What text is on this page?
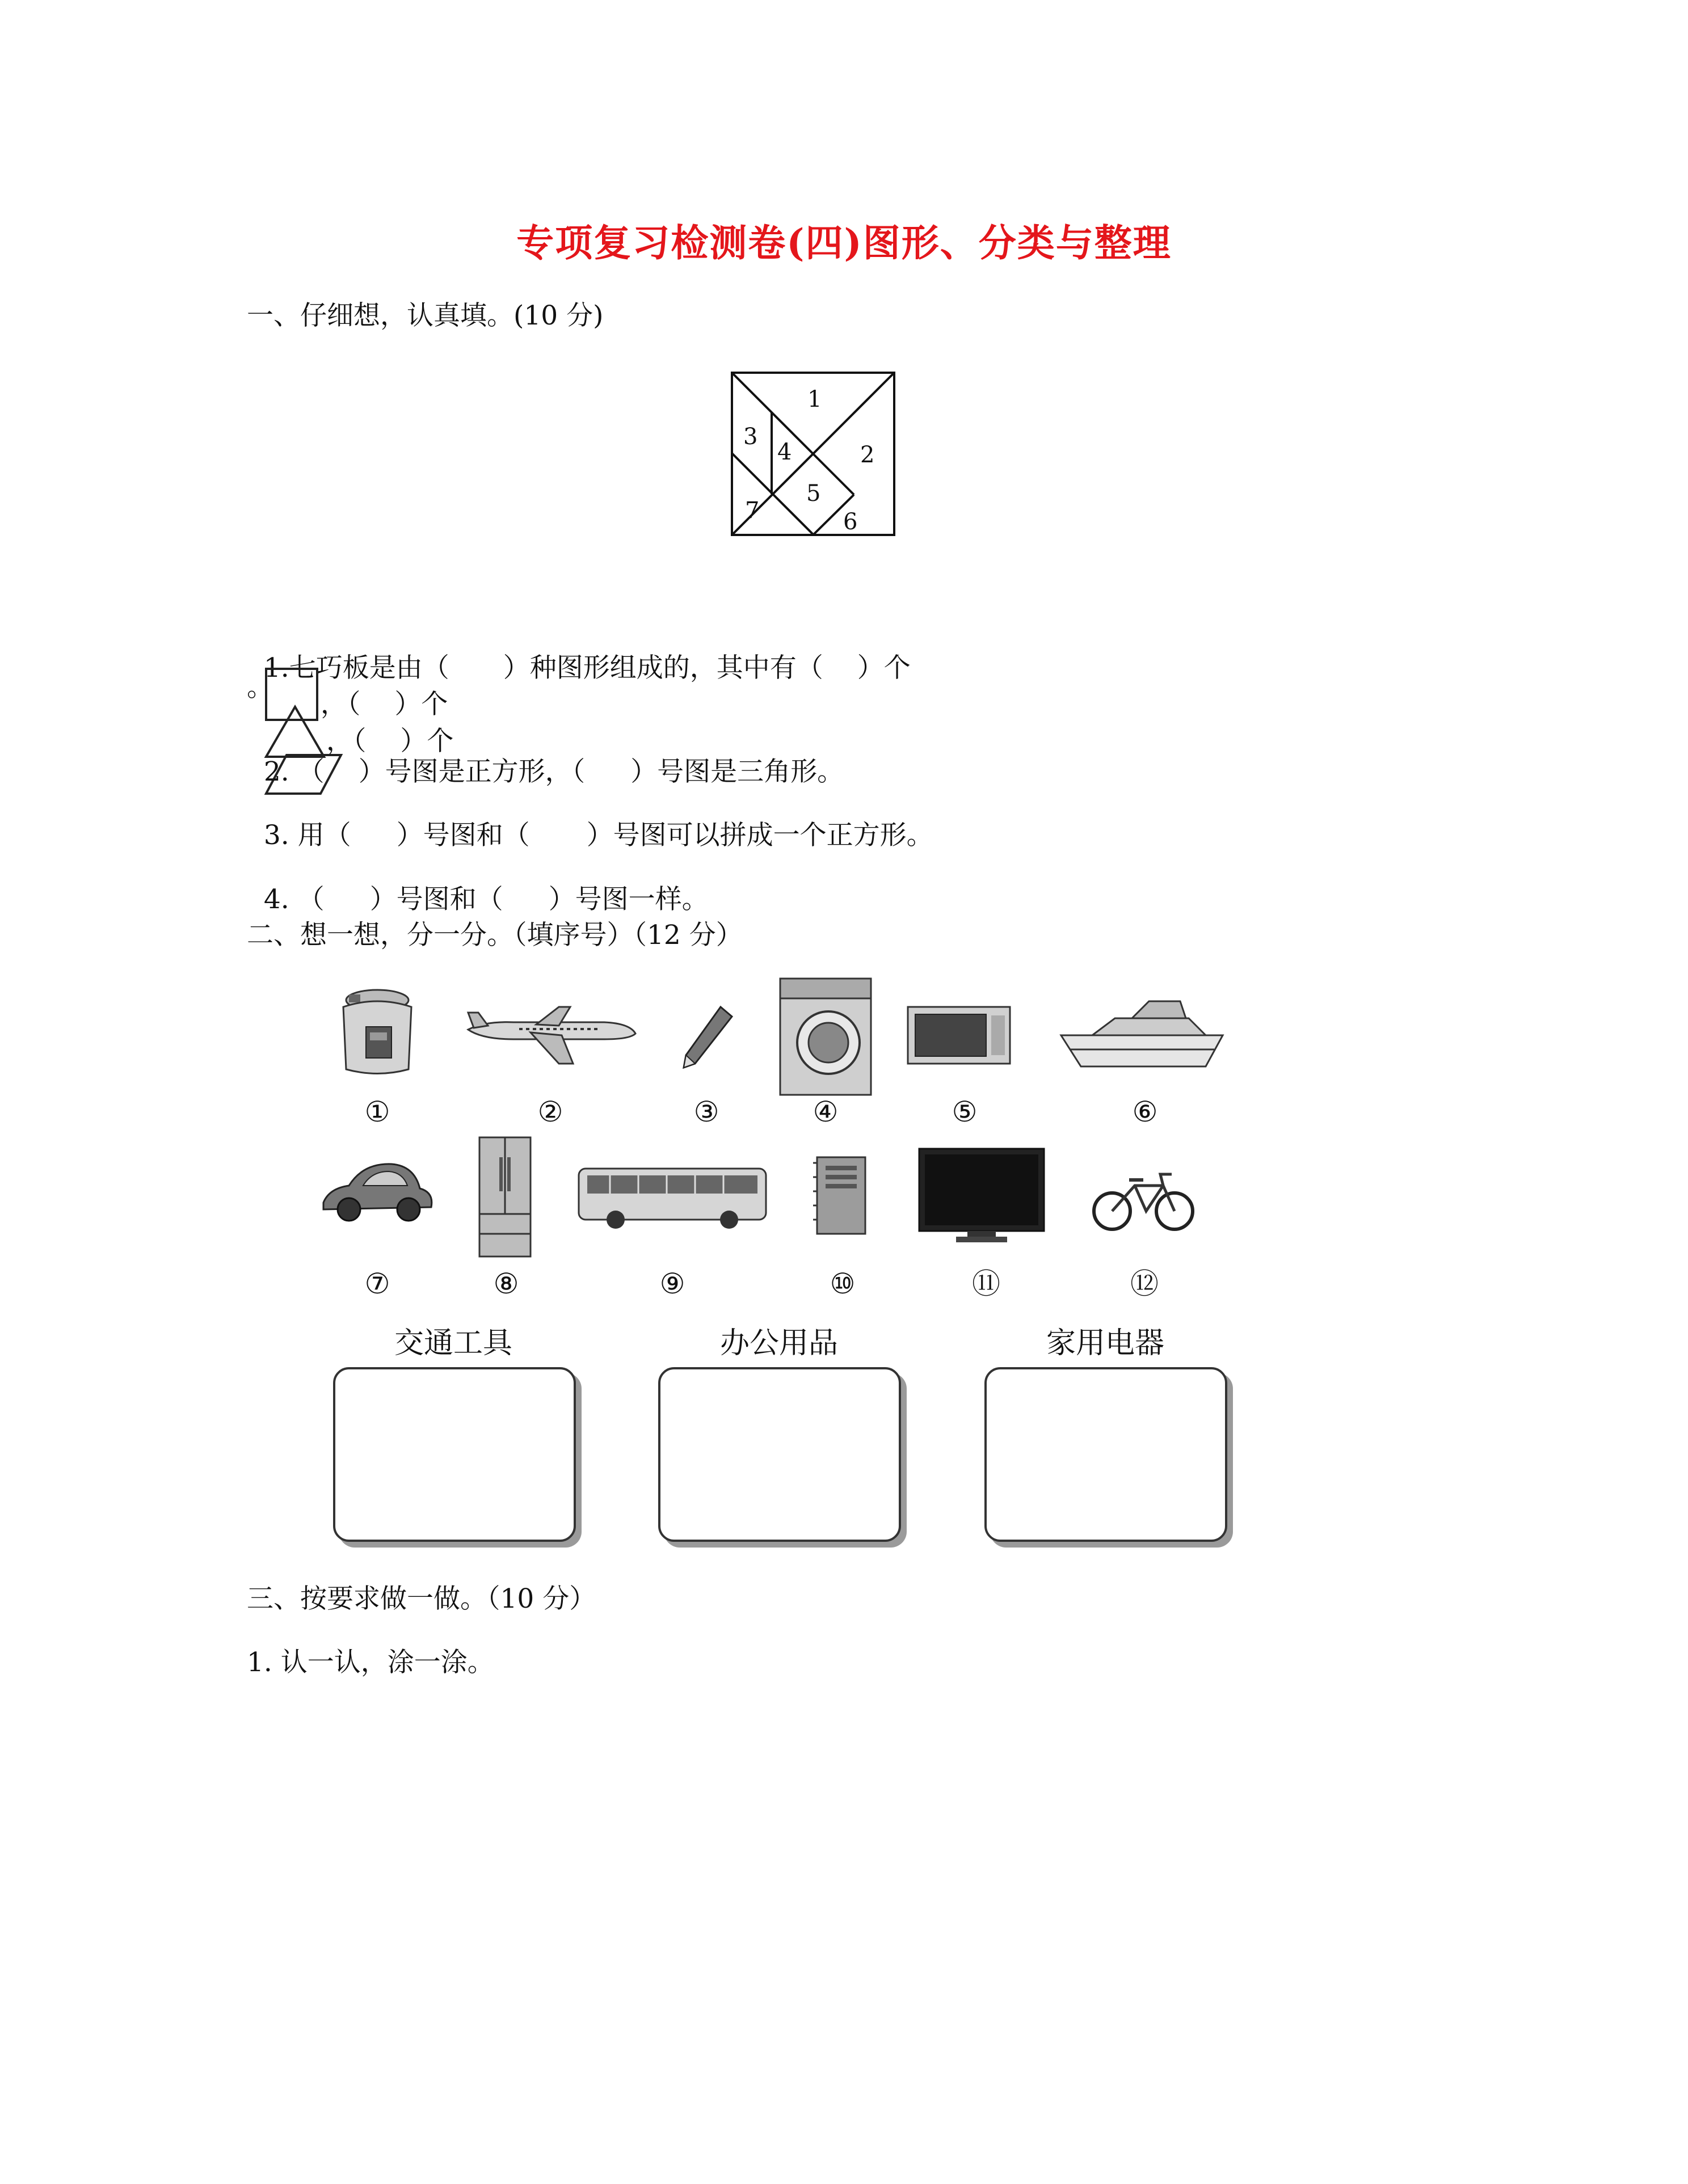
专项复习检测卷(四)图形、分类与整理
一、仔细想，认真填。(10 分)
1
2
3
4
5
6
7

1.七巧板是由（ ）种图形组成的，其中有（ ）个
，（ ）个
，（ ）个

。

2. （ ）号图是正方形，（ ）号图是三角形。

3. 用（ ）号图和（ ）号图可以拼成一个正方形。

4. （ ）号图和（ ）号图一样。

二、想一想，分一分。（填序号）（12 分）
①	②	③	④	⑤	⑥
⑦	⑧	⑨	⑩	⑪	⑫
交通工具	办公用品	家用电器
三、按要求做一做。（10 分）
1. 认一认，涂一涂。
